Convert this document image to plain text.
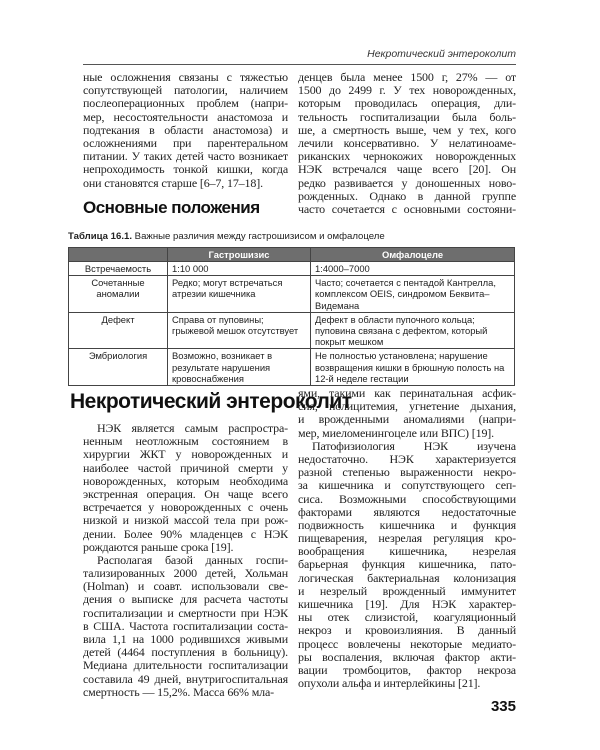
Некротический энтероколит
ные осложнения связаны с тяжестью
сопутствующей патологии, наличием
послеоперационных проблем (напри-
мер, несостоятельности анастомоза и
подтекания в области анастомоза) и
осложнениями при парентеральном
питании. У таких детей часто возникает
непроходимость тонкой кишки, когда
они становятся старше [6–7, 17–18].
Основные положения
денцев была менее 1500 г, 27% — от
1500 до 2499 г. У тех новорожденных,
которым проводилась операция, дли-
тельность госпитализации была боль-
ше, а смертность выше, чем у тех, кого
лечили консервативно. У нелатиноаме-
риканских чернокожих новорожденных
НЭК встречался чаще всего [20]. Он
редко развивается у доношенных ново-
рожденных. Однако в данной группе
часто сочетается с основными состояни-
Таблица 16.1. Важные различия между гастрошизисом и омфалоцеле
	Гастрошизис	Омфалоцеле
Встречаемость	1:10 000	1:4000–7000
Сочетанные аномалии	Редко; могут встречаться атрезии кишечника	Часто; сочетается с пентадой Кантрелла, комплексом OEIS, синдромом Беквита–Видемана
Дефект	Справа от пуповины; грыжевой мешок отсутствует	Дефект в области пупочного кольца; пуповина связана с дефектом, который покрыт мешком
Эмбриология	Возможно, возникает в результате нарушения кровоснабжения	Не полностью установлена; нарушение возвращения кишки в брюшную полость на 12-й неделе гестации
Некротический энтероколит
НЭК является самым распростра-
ненным неотложным состоянием в
хирургии ЖКТ у новорожденных и
наиболее частой причиной смерти у
новорожденных, которым необходима
экстренная операция. Он чаще всего
встречается у новорожденных с очень
низкой и низкой массой тела при рож-
дении. Более 90% младенцев с НЭК
рождаются раньше срока [19].
Располагая базой данных госпи-
тализированных 2000 детей, Хольман
(Holman) и соавт. использовали све-
дения о выписке для расчета частоты
госпитализации и смертности при НЭК
в США. Частота госпитализации соста-
вила 1,1 на 1000 родившихся живыми
детей (4464 поступления в больницу).
Медиана длительности госпитализации
составила 49 дней, внутригоспитальная
смертность — 15,2%. Масса 66% мла-
ями, такими как перинатальная асфик-
сия, полицитемия, угнетение дыхания,
и врожденными аномалиями (напри-
мер, миеломенингоцеле или ВПС) [19].
Патофизиология НЭК изучена
недостаточно. НЭК характеризуется
разной степенью выраженности некро-
за кишечника и сопутствующего сеп-
сиса. Возможными способствующими
факторами являются недостаточные
подвижность кишечника и функция
пищеварения, незрелая регуляция кро-
вообращения кишечника, незрелая
барьерная функция кишечника, пато-
логическая бактериальная колонизация
и незрелый врожденный иммунитет
кишечника [19]. Для НЭК характер-
ны отек слизистой, коагуляционный
некроз и кровоизлияния. В данный
процесс вовлечены некоторые медиато-
ры воспаления, включая фактор акти-
вации тромбоцитов, фактор некроза
опухоли альфа и интерлейкины [21].
335
